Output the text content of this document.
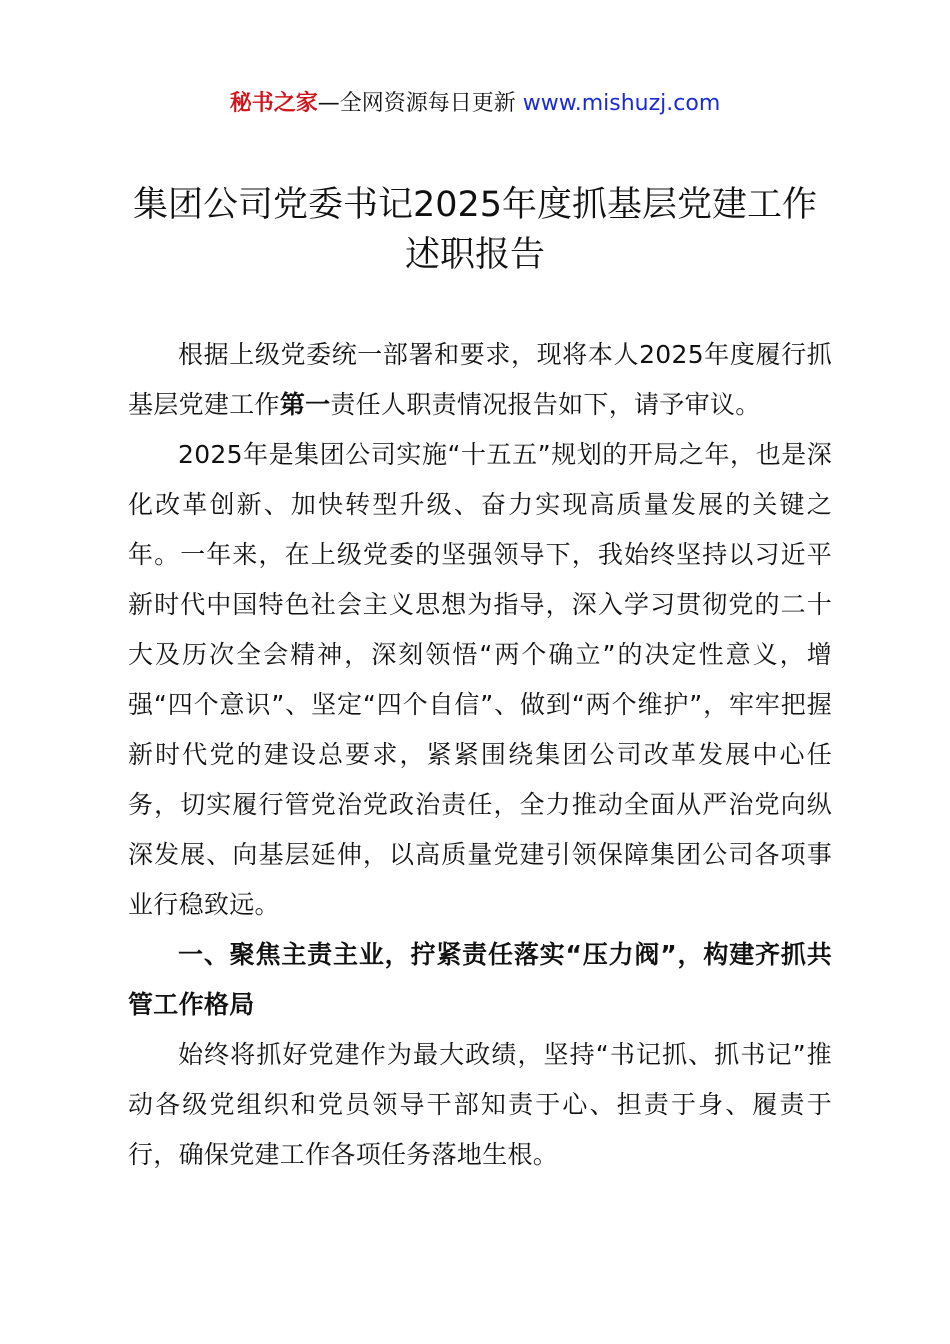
秘书之家—全网资源每日更新 www.mishuzj.com
集团公司党委书记2025年度抓基层党建工作
述职报告

根据上级党委统一部署和要求，现将本人2025年度履行抓基层党建工作第一责任人职责情况报告如下，请予审议。

2025年是集团公司实施“十五五”规划的开局之年，也是深化改革创新、加快转型升级、奋力实现高质量发展的关键之年。一年来，在上级党委的坚强领导下，我始终坚持以习近平新时代中国特色社会主义思想为指导，深入学习贯彻党的二十大及历次全会精神，深刻领悟“两个确立”的决定性意义，增强“四个意识”、坚定“四个自信”、做到“两个维护”，牢牢把握新时代党的建设总要求，紧紧围绕集团公司改革发展中心任务，切实履行管党治党政治责任，全力推动全面从严治党向纵深发展、向基层延伸，以高质量党建引领保障集团公司各项事业行稳致远。

一、聚焦主责主业，拧紧责任落实“压力阀”，构建齐抓共管工作格局

始终将抓好党建作为最大政绩，坚持“书记抓、抓书记”推动各级党组织和党员领导干部知责于心、担责于身、履责于行，确保党建工作各项任务落地生根。
